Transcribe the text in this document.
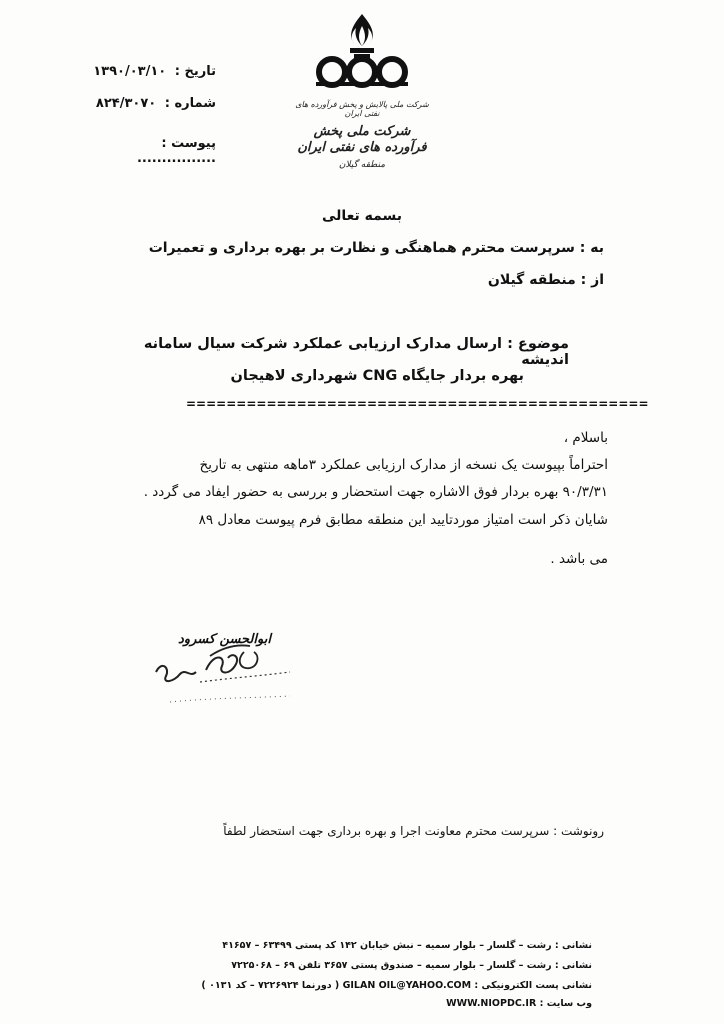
تاریخ : ۱۳۹۰/۰۳/۱۰
شماره : ۸۲۴/۳۰۷۰
پیوست : ................
شرکت ملی پالایش و پخش فرآورده های نفتی ایران
شرکت ملی پخش فرآورده های نفتی ایران
منطقه گیلان
بسمه تعالی
به : سرپرست محترم هماهنگی و نظارت بر بهره برداری و تعمیرات
از : منطقه گیلان
موضوع : ارسال مدارک ارزیابی عملکرد شرکت سیال سامانه اندیشه
بهره بردار جایگاه CNG شهرداری لاهیجان
==============================================
باسلام ،
احتراماً بپیوست یک نسخه از مدارک ارزیابی عملکرد ۳ماهه منتهی به تاریخ
۹۰/۳/۳۱ بهره بردار فوق الاشاره جهت استحضار و بررسی به حضور ایفاد می گردد .
شایان ذکر است امتیاز موردتایید این منطقه مطابق فرم پیوست معادل ۸۹
می باشد .
ابوالحسن کسرود
رونوشت : سرپرست محترم معاونت اجرا و بهره برداری جهت استحضار لطفاً
نشانی : رشت – گلسار – بلوار سمیه – نبش خیابان ۱۴۲ کد پستی ۶۳۴۹۹ – ۴۱۶۵۷
نشانی : رشت – گلسار – بلوار سمیه – صندوق پستی ۳۶۵۷ تلفن ۶۹ – ۷۲۲۵۰۶۸
نشانی پست الکترونیکی : GILAN OIL@YAHOO.COM ( دورنما ۷۲۲۶۹۲۴ – کد ۰۱۳۱ )
وب سایت : WWW.NIOPDC.IR
